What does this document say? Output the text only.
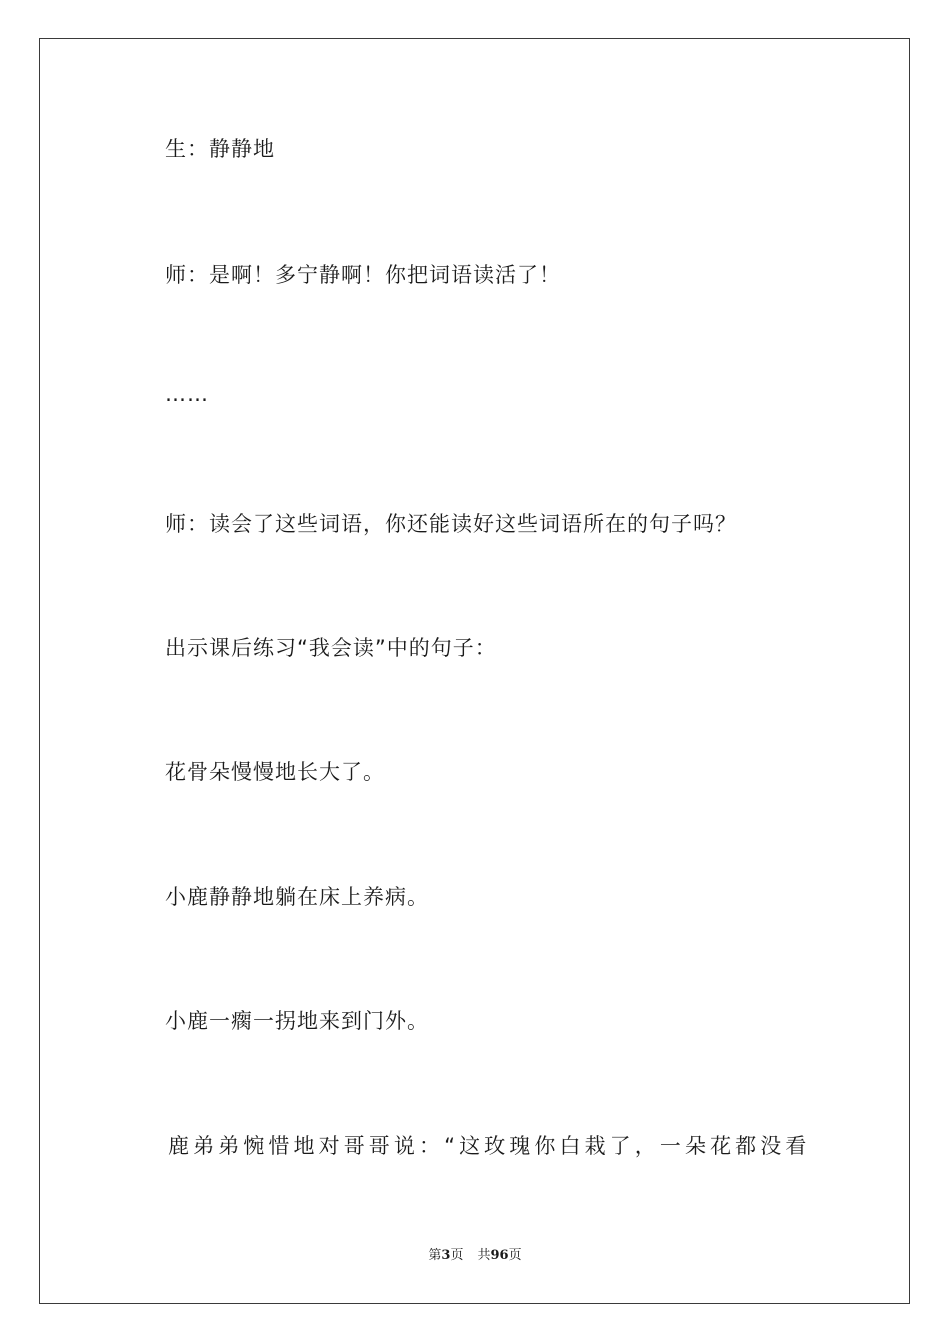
生：静静地
师：是啊！多宁静啊！你把词语读活了！
……
师：读会了这些词语，你还能读好这些词语所在的句子吗？
出示课后练习“我会读”中的句子：
花骨朵慢慢地长大了。
小鹿静静地躺在床上养病。
小鹿一瘸一拐地来到门外。
鹿弟弟惋惜地对哥哥说：“这玫瑰你白栽了，一朵花都没看
第3页 共96页
